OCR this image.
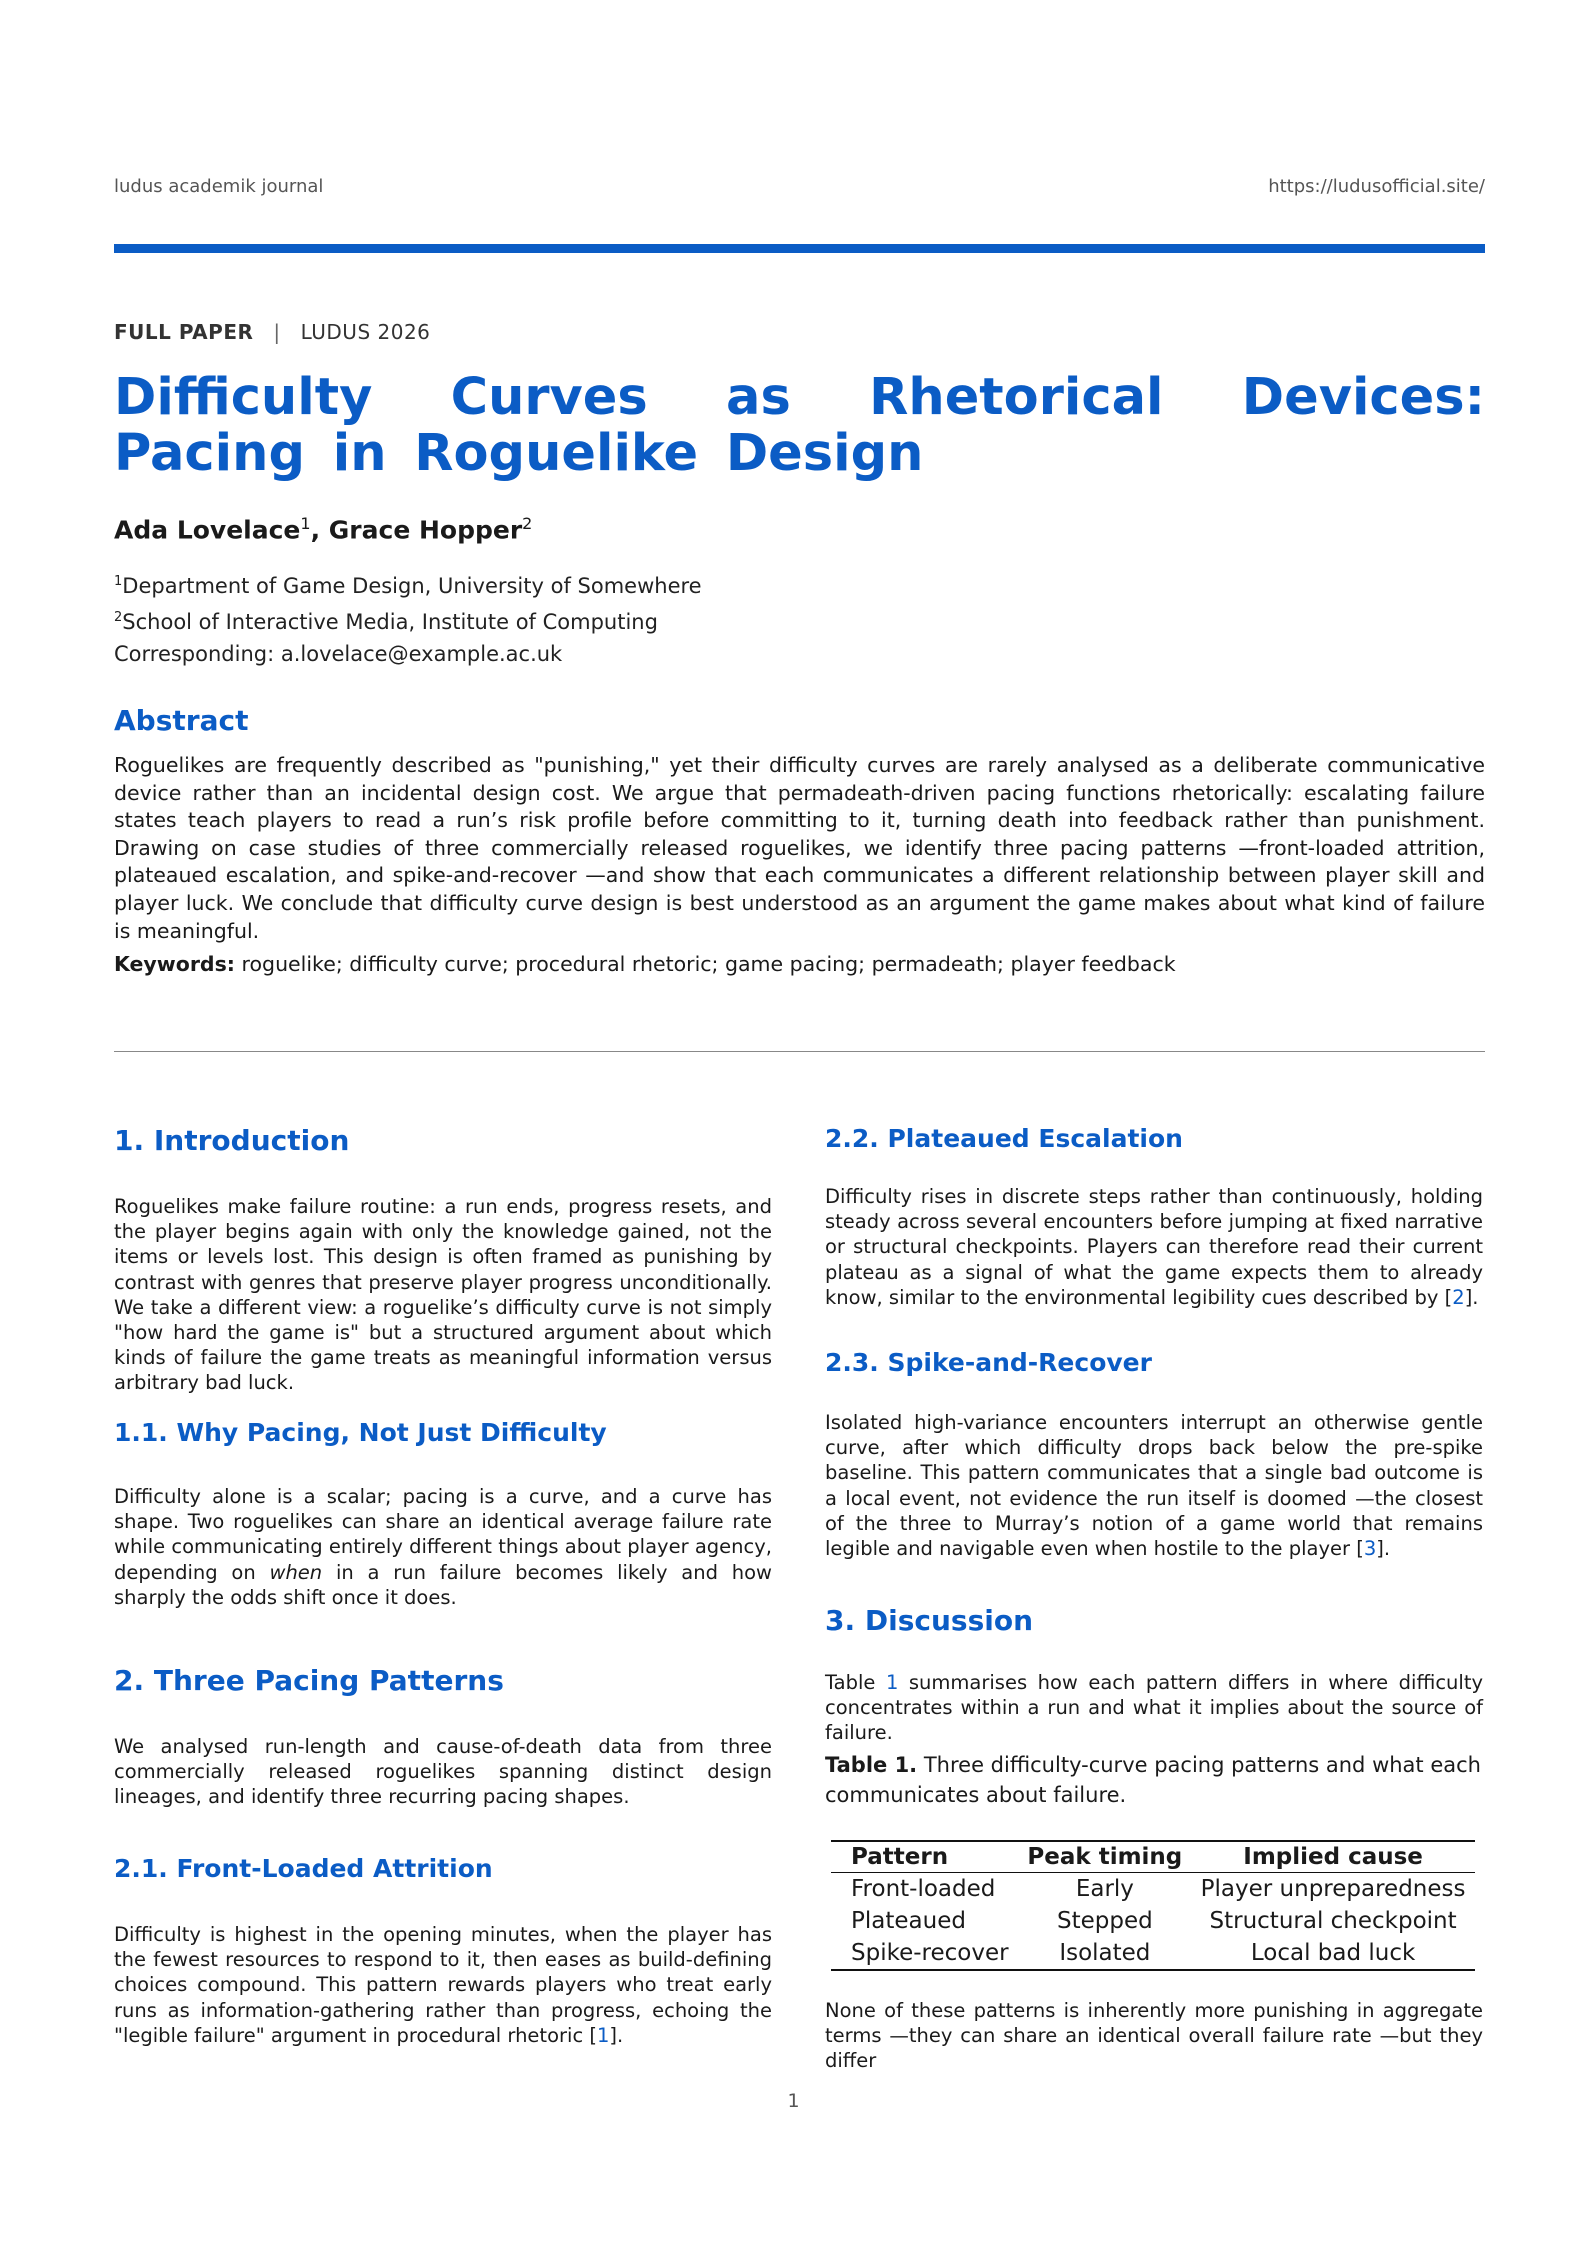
ludus academik journal	https://ludusofficial.site/
FULL PAPER | LUDUS 2026
Difficulty Curves as Rhetorical Devices: Pacing in Roguelike Design
Ada Lovelace$^1$, Grace Hopper$^2$
$^1$Department of Game Design, University of Somewhere
$^2$School of Interactive Media, Institute of Computing
Corresponding: a.lovelace@example.ac.uk
Abstract

Roguelikes are frequently described as "punishing," yet their difficulty curves are rarely analysed as a deliberate communicative device rather than an incidental design cost. We argue that permadeath-driven pacing functions rhetorically: escalating failure states teach players to read a run’s risk profile before committing to it, turning death into feedback rather than punishment. Drawing on case studies of three commercially released roguelikes, we identify three pacing patterns —front-loaded attrition, plateaued escalation, and spike-and-recover —and show that each communicates a different relationship between player skill and player luck. We conclude that difficulty curve design is best understood as an argument the game makes about what kind of failure is meaningful.

Keywords: roguelike; difficulty curve; procedural rhetoric; game pacing; permadeath; player feedback

1. Introduction

Roguelikes make failure routine: a run ends, progress resets, and the player begins again with only the knowledge gained, not the items or levels lost. This design is often framed as punishing by contrast with genres that preserve player progress unconditionally. We take a different view: a roguelike’s difficulty curve is not simply "how hard the game is" but a structured argument about which kinds of failure the game treats as meaningful information versus arbitrary bad luck.

1.1. Why Pacing, Not Just Difficulty

Difficulty alone is a scalar; pacing is a curve, and a curve has shape. Two roguelikes can share an identical average failure rate while communicating entirely different things about player agency, depending on when in a run failure becomes likely and how sharply the odds shift once it does.

2. Three Pacing Patterns

We analysed run-length and cause-of-death data from three commercially released roguelikes spanning distinct design lineages, and identify three recurring pacing shapes.

2.1. Front-Loaded Attrition

Difficulty is highest in the opening minutes, when the player has the fewest resources to respond to it, then eases as build-defining choices compound. This pattern rewards players who treat early runs as information-gathering rather than progress, echoing the "legible failure" argument in procedural rhetoric [1].

2.2. Plateaued Escalation

Difficulty rises in discrete steps rather than continuously, holding steady across several encounters before jumping at fixed narrative or structural checkpoints. Players can therefore read their current plateau as a signal of what the game expects them to already know, similar to the environmental legibility cues described by [2].

2.3. Spike-and-Recover

Isolated high-variance encounters interrupt an otherwise gentle curve, after which difficulty drops back below the pre-spike baseline. This pattern communicates that a single bad outcome is a local event, not evidence the run itself is doomed —the closest of the three to Murray’s notion of a game world that remains legible and navigable even when hostile to the player [3].

3. Discussion

Table 1 summarises how each pattern differs in where difficulty concentrates within a run and what it implies about the source of failure.

Table 1. Three difficulty-curve pacing patterns and what each communicates about failure.

Pattern	Peak timing	Implied cause
Front-loaded	Early	Player unpreparedness
Plateaued	Stepped	Structural checkpoint
Spike-recover	Isolated	Local bad luck

None of these patterns is inherently more punishing in aggregate terms —they can share an identical overall failure rate —but they differ

1
